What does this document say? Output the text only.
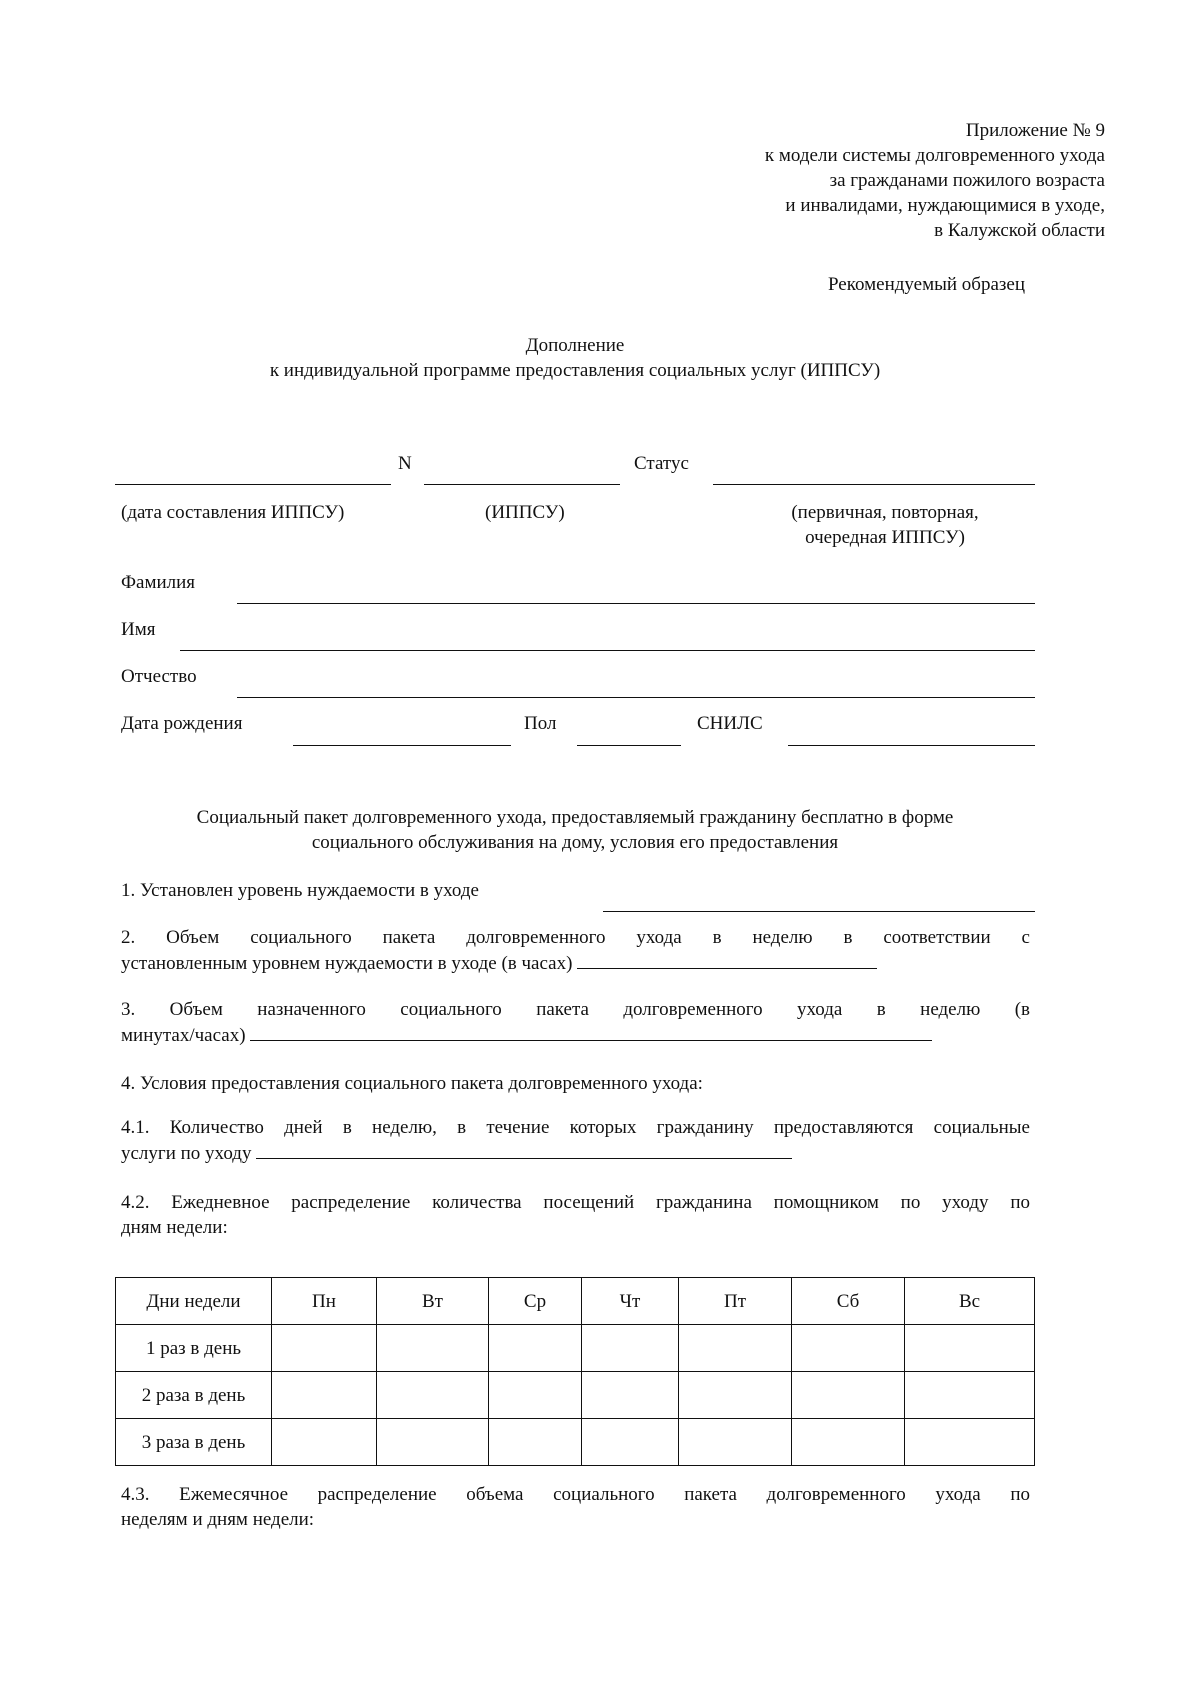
Приложение № 9
к модели системы долговременного ухода
за гражданами пожилого возраста
и инвалидами, нуждающимися в уходе,
в Калужской области
Рекомендуемый образец
Дополнение
к индивидуальной программе предоставления социальных услуг (ИППСУ)
N	Статус
(дата составления ИППСУ)	(ИППСУ)	(первичная, повторная,
очередная ИППСУ)
Фамилия
Имя
Отчество
Дата рождения	Пол	СНИЛС
Социальный пакет долговременного ухода, предоставляемый гражданину бесплатно в форме
социального обслуживания на дому, условия его предоставления
1. Установлен уровень нуждаемости в уходе
2. Объем социального пакета долговременного ухода в неделю в соответствии с
установленным уровнем нуждаемости в уходе (в часах)
3. Объем назначенного социального пакета долговременного ухода в неделю (в
минутах/часах)
4. Условия предоставления социального пакета долговременного ухода:
4.1. Количество дней в неделю, в течение которых гражданину предоставляются социальные
услуги по уходу
4.2. Ежедневное распределение количества посещений гражданина помощником по уходу по
дням недели:
Дни недели	Пн	Вт	Ср	Чт	Пт	Сб	Вс
1 раз в день							
2 раза в день							
3 раза в день							
4.3. Ежемесячное распределение объема социального пакета долговременного ухода по
неделям и дням недели:
